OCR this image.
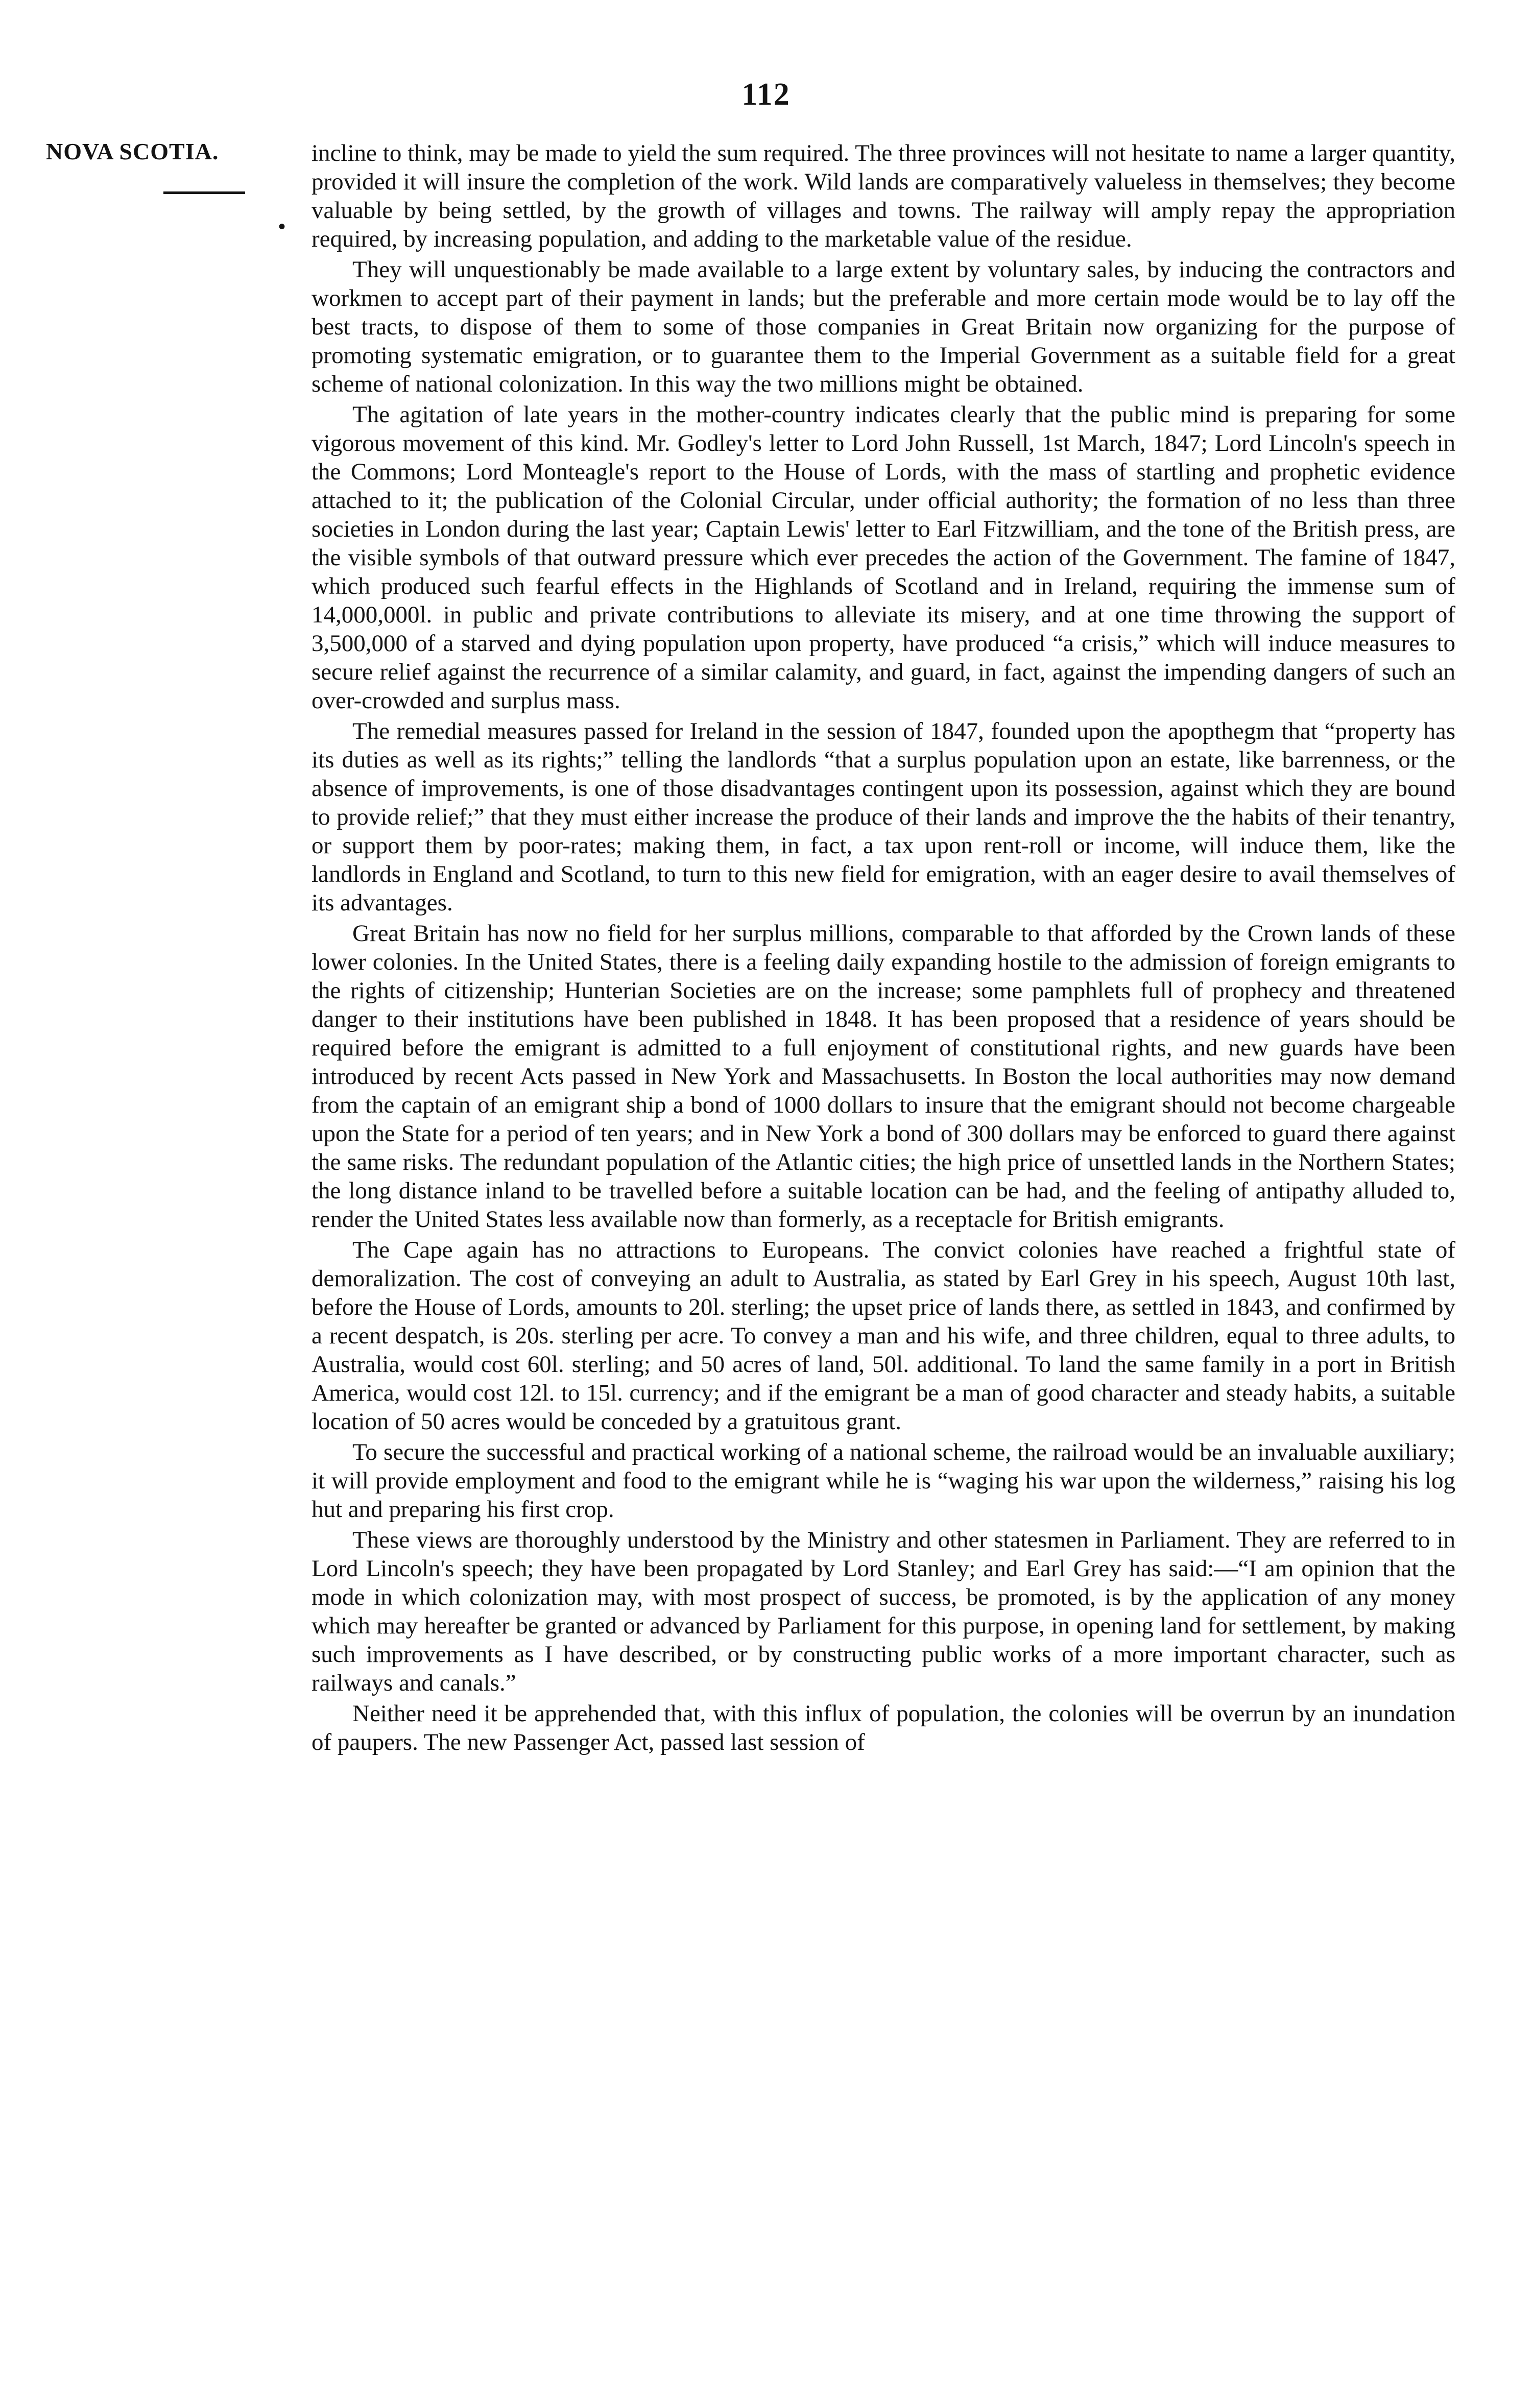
112
NOVA SCOTIA.
•

incline to think, may be made to yield the sum required. The three provinces will not hesitate to name a larger quantity, provided it will insure the completion of the work. Wild lands are comparatively valueless in themselves; they become valuable by being settled, by the growth of villages and towns. The railway will amply repay the appropriation required, by increasing population, and adding to the marketable value of the residue.

They will unquestionably be made available to a large extent by voluntary sales, by inducing the contractors and workmen to accept part of their payment in lands; but the preferable and more certain mode would be to lay off the best tracts, to dispose of them to some of those companies in Great Britain now organizing for the purpose of promoting systematic emigration, or to guarantee them to the Imperial Government as a suitable field for a great scheme of national colonization. In this way the two millions might be obtained.

The agitation of late years in the mother-country indicates clearly that the public mind is preparing for some vigorous movement of this kind. Mr. Godley's letter to Lord John Russell, 1st March, 1847; Lord Lincoln's speech in the Commons; Lord Monteagle's report to the House of Lords, with the mass of startling and prophetic evidence attached to it; the publication of the Colonial Circular, under official authority; the formation of no less than three societies in London during the last year; Captain Lewis' letter to Earl Fitzwilliam, and the tone of the British press, are the visible symbols of that outward pressure which ever precedes the action of the Government. The famine of 1847, which produced such fearful effects in the Highlands of Scotland and in Ireland, requiring the immense sum of 14,000,000l. in public and private contributions to alleviate its misery, and at one time throwing the support of 3,500,000 of a starved and dying population upon property, have produced “a crisis,” which will induce measures to secure relief against the recurrence of a similar calamity, and guard, in fact, against the impending dangers of such an over-crowded and surplus mass.

The remedial measures passed for Ireland in the session of 1847, founded upon the apopthegm that “property has its duties as well as its rights;” telling the landlords “that a surplus population upon an estate, like barrenness, or the absence of improvements, is one of those disadvantages contingent upon its possession, against which they are bound to provide relief;” that they must either increase the produce of their lands and improve the the habits of their tenantry, or support them by poor-rates; making them, in fact, a tax upon rent-roll or income, will induce them, like the landlords in England and Scotland, to turn to this new field for emigration, with an eager desire to avail themselves of its advantages.

Great Britain has now no field for her surplus millions, comparable to that afforded by the Crown lands of these lower colonies. In the United States, there is a feeling daily expanding hostile to the admission of foreign emigrants to the rights of citizenship; Hunterian Societies are on the increase; some pamphlets full of prophecy and threatened danger to their institutions have been published in 1848. It has been proposed that a residence of years should be required before the emigrant is admitted to a full enjoyment of constitutional rights, and new guards have been introduced by recent Acts passed in New York and Massachusetts. In Boston the local authorities may now demand from the captain of an emigrant ship a bond of 1000 dollars to insure that the emigrant should not become chargeable upon the State for a period of ten years; and in New York a bond of 300 dollars may be enforced to guard there against the same risks. The redundant population of the Atlantic cities; the high price of unsettled lands in the Northern States; the long distance inland to be travelled before a suitable location can be had, and the feeling of antipathy alluded to, render the United States less available now than formerly, as a receptacle for British emigrants.

The Cape again has no attractions to Europeans. The convict colonies have reached a frightful state of demoralization. The cost of conveying an adult to Australia, as stated by Earl Grey in his speech, August 10th last, before the House of Lords, amounts to 20l. sterling; the upset price of lands there, as settled in 1843, and confirmed by a recent despatch, is 20s. sterling per acre. To convey a man and his wife, and three children, equal to three adults, to Australia, would cost 60l. sterling; and 50 acres of land, 50l. additional. To land the same family in a port in British America, would cost 12l. to 15l. currency; and if the emigrant be a man of good character and steady habits, a suitable location of 50 acres would be conceded by a gratuitous grant.

To secure the successful and practical working of a national scheme, the railroad would be an invaluable auxiliary; it will provide employment and food to the emigrant while he is “waging his war upon the wilderness,” raising his log hut and preparing his first crop.

These views are thoroughly understood by the Ministry and other statesmen in Parliament. They are referred to in Lord Lincoln's speech; they have been propagated by Lord Stanley; and Earl Grey has said:—“I am opinion that the mode in which colonization may, with most prospect of success, be promoted, is by the application of any money which may hereafter be granted or advanced by Parliament for this purpose, in opening land for settlement, by making such improvements as I have described, or by constructing public works of a more important character, such as railways and canals.”

Neither need it be apprehended that, with this influx of population, the colonies will be overrun by an inundation of paupers. The new Passenger Act, passed last session of
